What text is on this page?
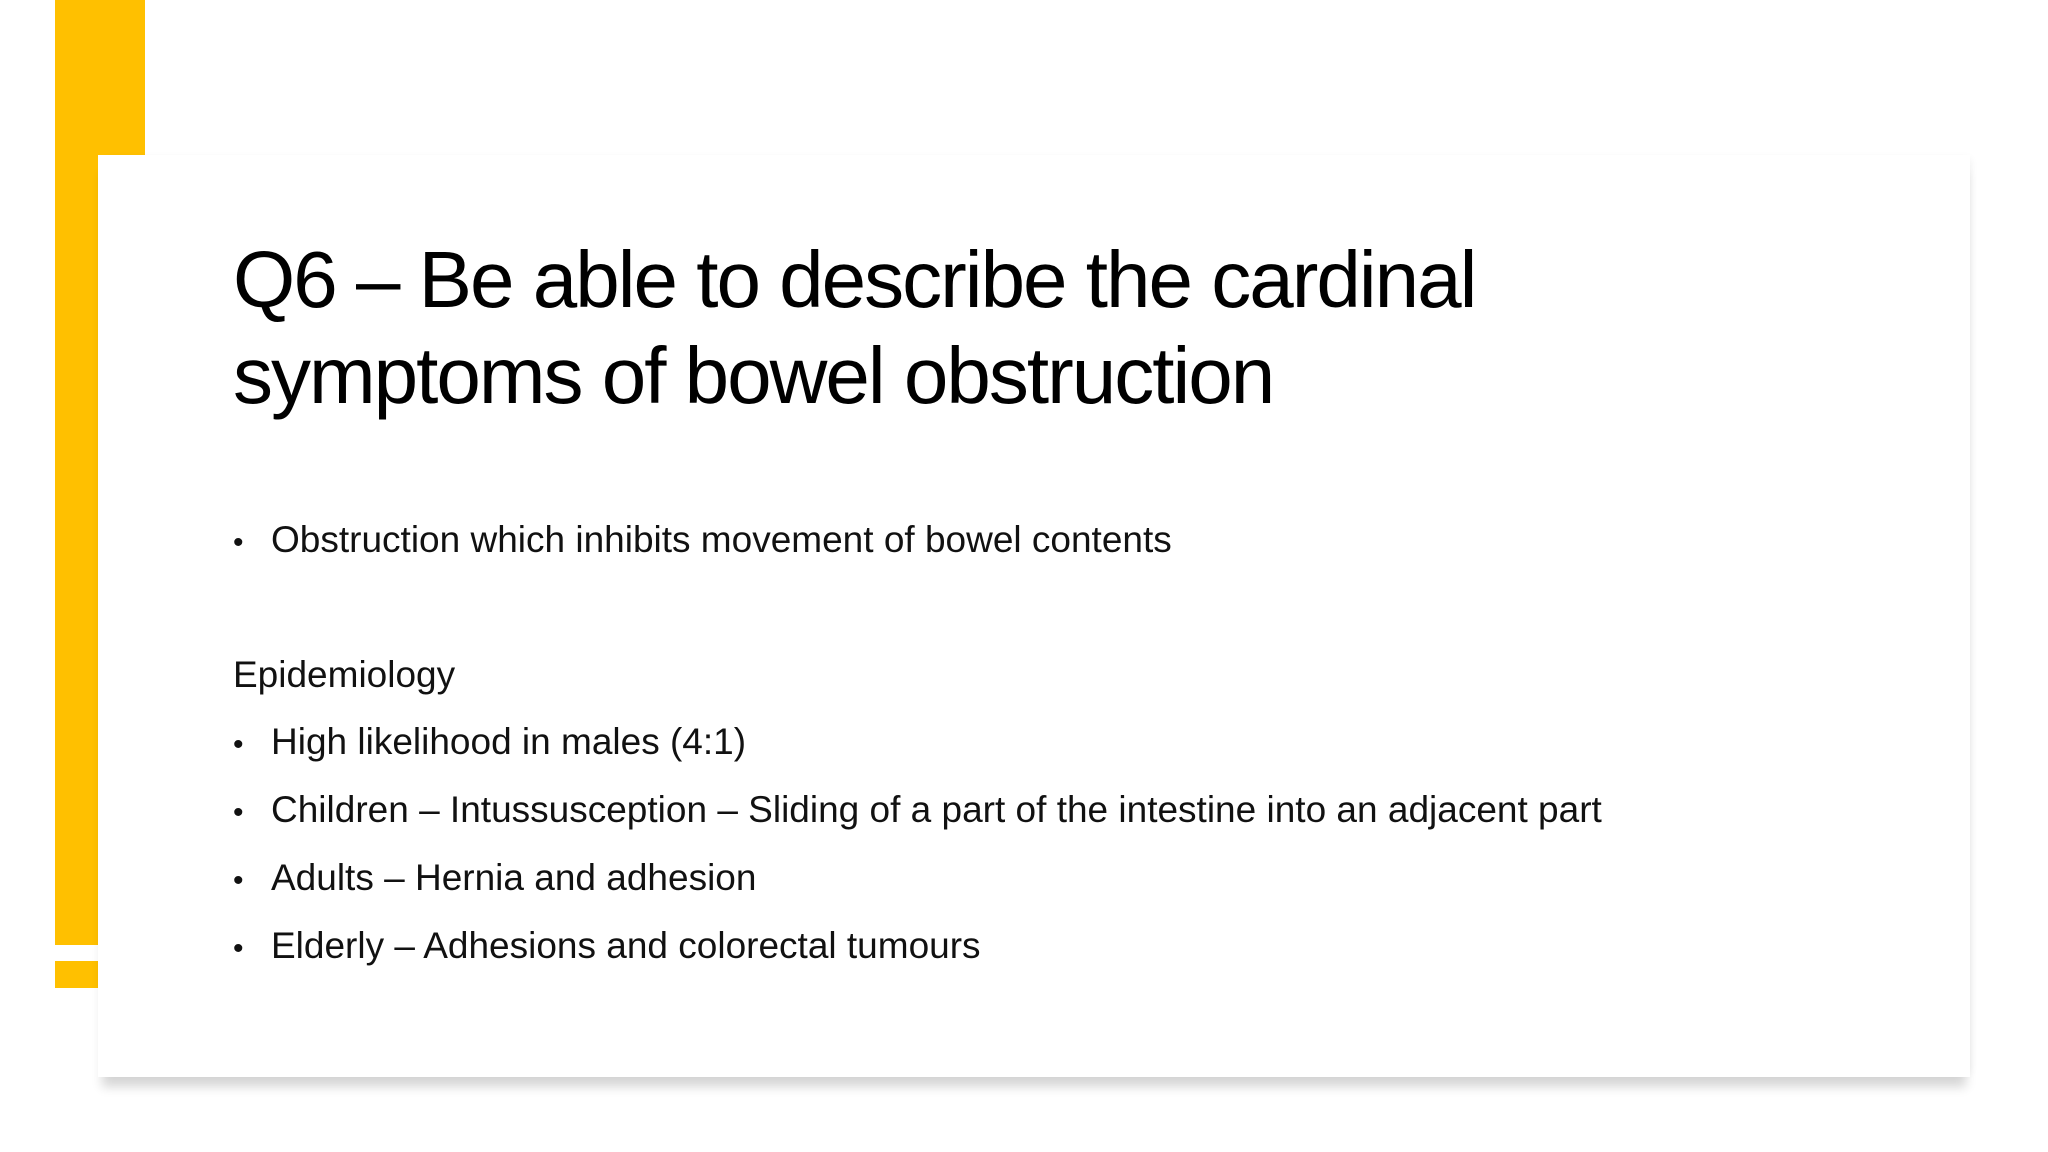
Q6 – Be able to describe the cardinal symptoms of bowel obstruction
• Obstruction which inhibits movement of bowel contents
Epidemiology
• High likelihood in males (4:1)
• Children – Intussusception – Sliding of a part of the intestine into an adjacent part
• Adults – Hernia and adhesion
• Elderly – Adhesions and colorectal tumours
